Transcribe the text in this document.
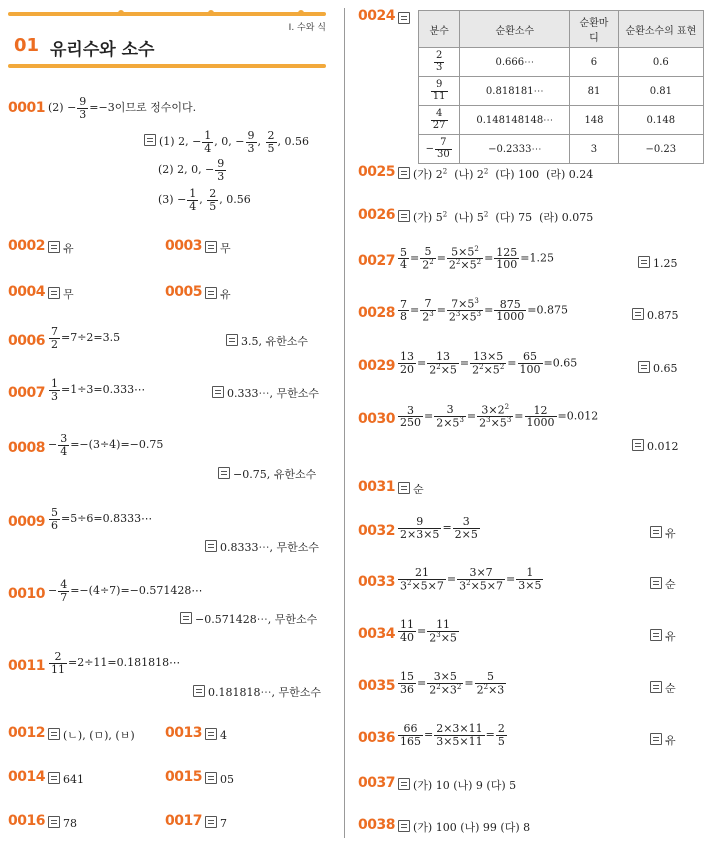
I. 수와 식
01 유리수와 소수
0001 $(2) - \frac{9}{3} =-3$이므로 정수이다.
(1) 2, − $\frac{1}{4}$ , 0, − $\frac{9}{3}$ , $\frac{2}{5}$ , 0.56
(2) 2, 0, − $\frac{9}{3}$
$(3) - \frac{1}{4}$ , $\frac{2}{5}$ , 0.56
0002	유	0003	무
0004	무	0005	유
$0006 \frac{7}{2} =7\div 2=3.5$	3.5, 유한소수
$0007 \frac{1}{3}$ =1÷3=0.333⋯	0.333⋯, 무한소수
$0008 - \frac{3}{4} =-(3\div 4)=-0.75$
−0.75, 유한소수
$0009 \frac{5}{6}$ =5÷6=0.8333⋯
0.8333⋯, 무한소수
$0010 - \frac{4}{7}$ =−(4÷7)=−0.571428⋯
−0.571428⋯, 무한소수
$0011 \frac{2}{11}$ =2÷11=0.181818⋯
0.181818⋯, 무한소수
0012	(ㄴ), (ㅁ), (ㅂ) 0013	4
0014	641	0015	05
0016	78	0017	7
0024
분수	순환소수	순환마디	순환소수의 표현

$\frac{2}{3}$	0.666⋯	6	0.6

$\frac{9}{11}$	0.818181⋯	81	0.81

$\frac{4}{27}$	0.148148148⋯	148	0.148
− $\frac{7}{30}$	−0.2333⋯	3	−0.23
0025	(가) $2^2$ (나) $2^2$ (다) 100 (라) 0.24
0026	(가) $5^2$ (나) $5^2$ (다) 75 (라) 0.075
$0027 \frac{5}{4} = \frac{5}{2^2} = \frac{5\times 5^2}{2^2\times 5^2} = \frac{125}{100} =1.25$	1.25
$0028 \frac{7}{8} = \frac{7}{2^3} = \frac{7\times 5^3}{2^3\times 5^3} = \frac{875}{1000} =0.875$	0.875
$0029 \frac{13}{20} = \frac{13}{2^2\times 5} = \frac{13\times 5}{2^2\times 5^2} = \frac{65}{100} =0.65$	0.65
$0030 \frac{3}{250} = \frac{3}{2\times 5^3} = \frac{3\times 2^2}{2^3\times 5^3} = \frac{12}{1000} =0.012$
0.012
0031	순
$0032 \frac{9}{2\times 3\times 5} = \frac{3}{2\times 5}$	유
$0033 \frac{21}{3^2\times 5\times 7} = \frac{3\times 7}{3^2\times 5\times 7} = \frac{1}{3\times 5}$	순
$0034 \frac{11}{40} = \frac{11}{2^3\times 5}$	유
$0035 \frac{15}{36} = \frac{3\times 5}{2^2\times 3^2} = \frac{5}{2^2\times 3}$	순
$0036 \frac{66}{165} = \frac{2\times 3\times 11}{3\times 5\times 11} = \frac{2}{5}$	유
0037	(가) 10 (나) 9 (다) 5
0038	(가) 100 (나) 99 (다) 8
